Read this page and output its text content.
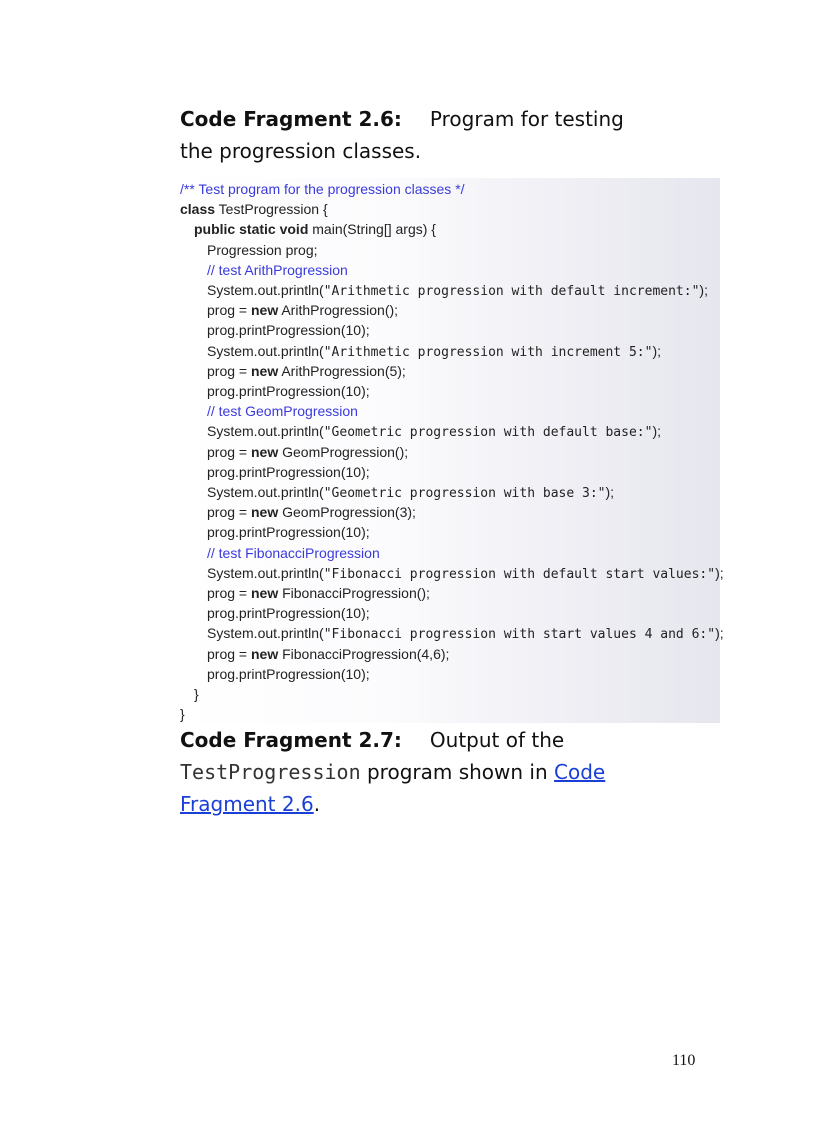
Code Fragment 2.6: Program for testing the progression classes.
/** Test program for the progression classes */
class TestProgression {
public static void main(String[] args) {
Progression prog;
// test ArithProgression
System.out.println("Arithmetic progression with default increment:");
prog = new ArithProgression();
prog.printProgression(10);
System.out.println("Arithmetic progression with increment 5:");
prog = new ArithProgression(5);
prog.printProgression(10);
// test GeomProgression
System.out.println("Geometric progression with default base:");
prog = new GeomProgression();
prog.printProgression(10);
System.out.println("Geometric progression with base 3:");
prog = new GeomProgression(3);
prog.printProgression(10);
// test FibonacciProgression
System.out.println("Fibonacci progression with default start values:");
prog = new FibonacciProgression();
prog.printProgression(10);
System.out.println("Fibonacci progression with start values 4 and 6:");
prog = new FibonacciProgression(4,6);
prog.printProgression(10);
}
}
Code Fragment 2.7: Output of the
TestProgression program shown in Code Fragment 2.6.
110
